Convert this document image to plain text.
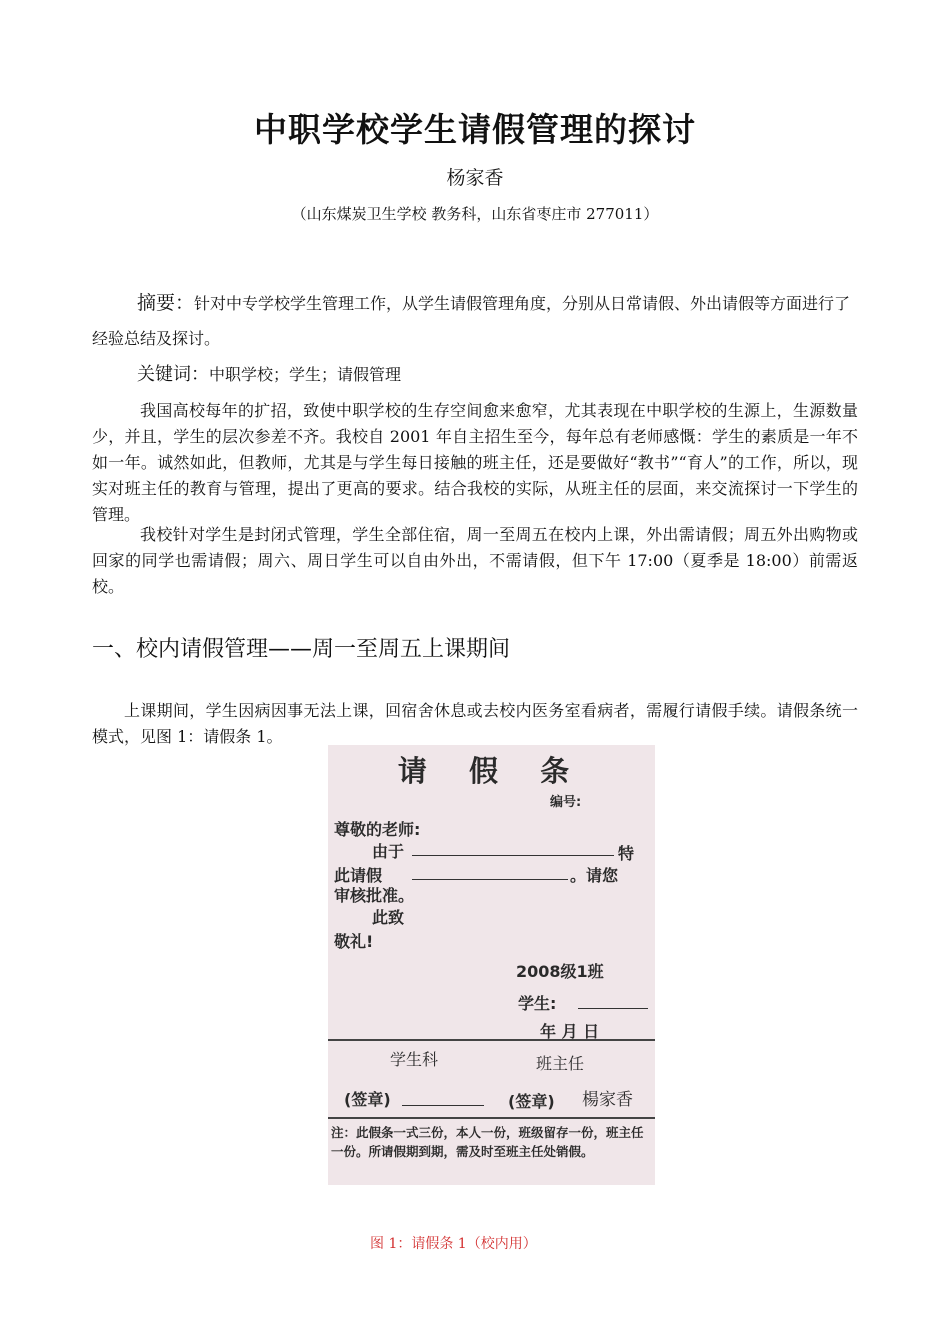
中职学校学生请假管理的探讨
杨家香
（山东煤炭卫生学校 教务科，山东省枣庄市 277011）
摘要：针对中专学校学生管理工作，从学生请假管理角度，分别从日常请假、外出请假等方面进行了经验总结及探讨。
关键词：中职学校；学生；请假管理
我国高校每年的扩招，致使中职学校的生存空间愈来愈窄，尤其表现在中职学校的生源上，生源数量少，并且，学生的层次参差不齐。我校自 2001 年自主招生至今，每年总有老师感慨：学生的素质是一年不如一年。诚然如此，但教师，尤其是与学生每日接触的班主任，还是要做好“教书”“育人”的工作，所以，现实对班主任的教育与管理，提出了更高的要求。结合我校的实际，从班主任的层面，来交流探讨一下学生的管理。
我校针对学生是封闭式管理，学生全部住宿，周一至周五在校内上课，外出需请假；周五外出购物或回家的同学也需请假；周六、周日学生可以自由外出，不需请假，但下午 17:00（夏季是 18:00）前需返校。
一、校内请假管理——周一至周五上课期间
上课期间，学生因病因事无法上课，回宿舍休息或去校内医务室看病者，需履行请假手续。请假条统一模式，见图 1：请假条 1。
请 假 条
编号:
尊敬的老师:
由于	特
此请假	。请您
审核批准。
此致
敬礼!
2008级1班
学生:
年 月 日
学生科	班主任
(签章)	(签章) 楊家香
注：此假条一式三份，本人一份，班级留存一份，班主任一份。所请假期到期，需及时至班主任处销假。
图 1：请假条 1（校内用）
